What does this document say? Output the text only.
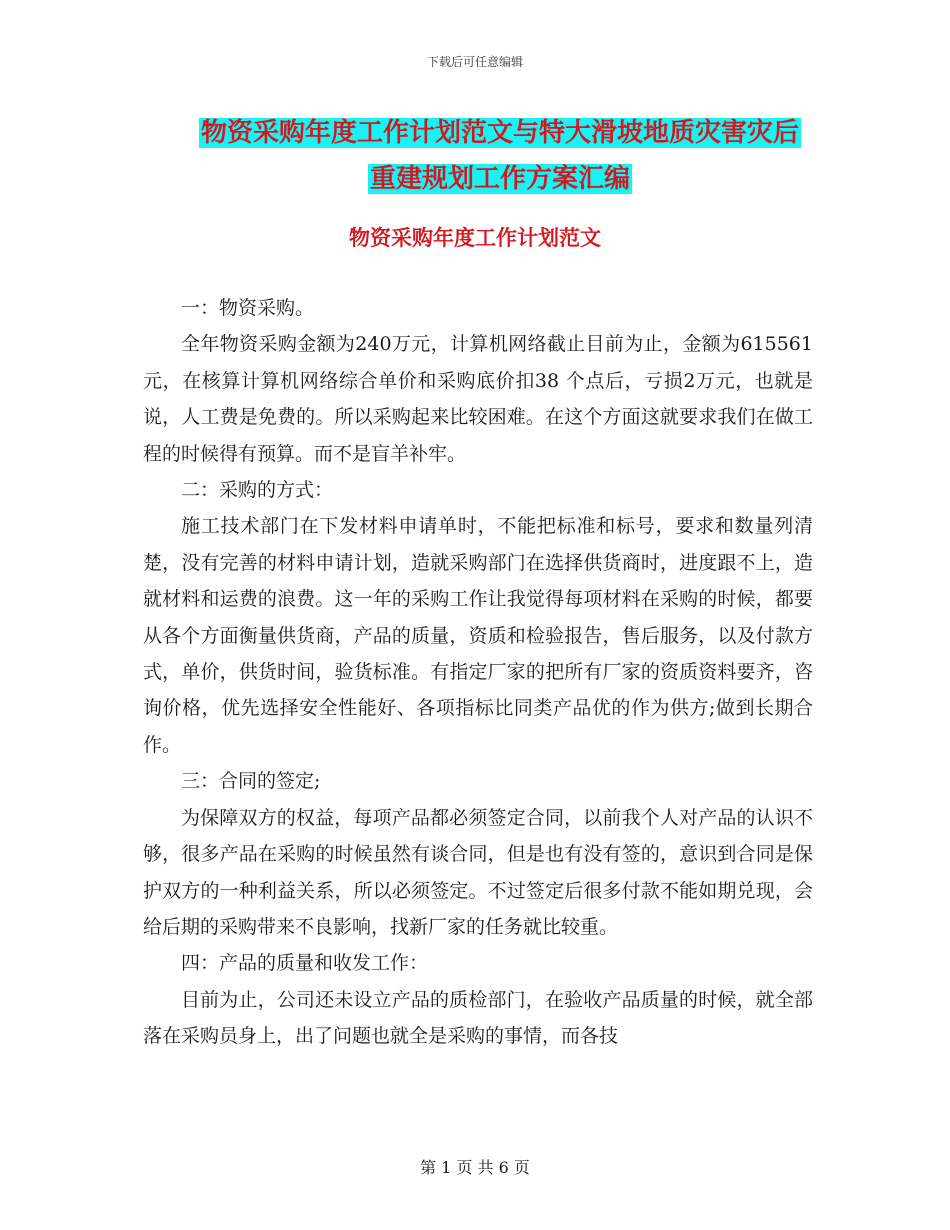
下载后可任意编辑
物资采购年度工作计划范文与特大滑坡地质灾害灾后
重建规划工作方案汇编
物资采购年度工作计划范文

一：物资采购。

全年物资采购金额为240万元，计算机网络截止目前为止，金额为615561元，在核算计算机网络综合单价和采购底价扣38 个点后，亏损2万元，也就是说，人工费是免费的。所以采购起来比较困难。在这个方面这就要求我们在做工程的时候得有预算。而不是盲羊补牢。

二：采购的方式：

施工技术部门在下发材料申请单时，不能把标准和标号，要求和数量列清楚，没有完善的材料申请计划，造就采购部门在选择供货商时，进度跟不上，造就材料和运费的浪费。这一年的采购工作让我觉得每项材料在采购的时候，都要从各个方面衡量供货商，产品的质量，资质和检验报告，售后服务，以及付款方式，单价，供货时间，验货标准。有指定厂家的把所有厂家的资质资料要齐，咨询价格，优先选择安全性能好、各项指标比同类产品优的作为供方;做到长期合作。

三：合同的签定;

为保障双方的权益，每项产品都必须签定合同，以前我个人对产品的认识不够，很多产品在采购的时候虽然有谈合同，但是也有没有签的，意识到合同是保护双方的一种利益关系，所以必须签定。不过签定后很多付款不能如期兑现，会给后期的采购带来不良影响，找新厂家的任务就比较重。

四：产品的质量和收发工作：

目前为止，公司还未设立产品的质检部门，在验收产品质量的时候，就全部落在采购员身上，出了问题也就全是采购的事情，而各技

第 1 页 共 6 页
